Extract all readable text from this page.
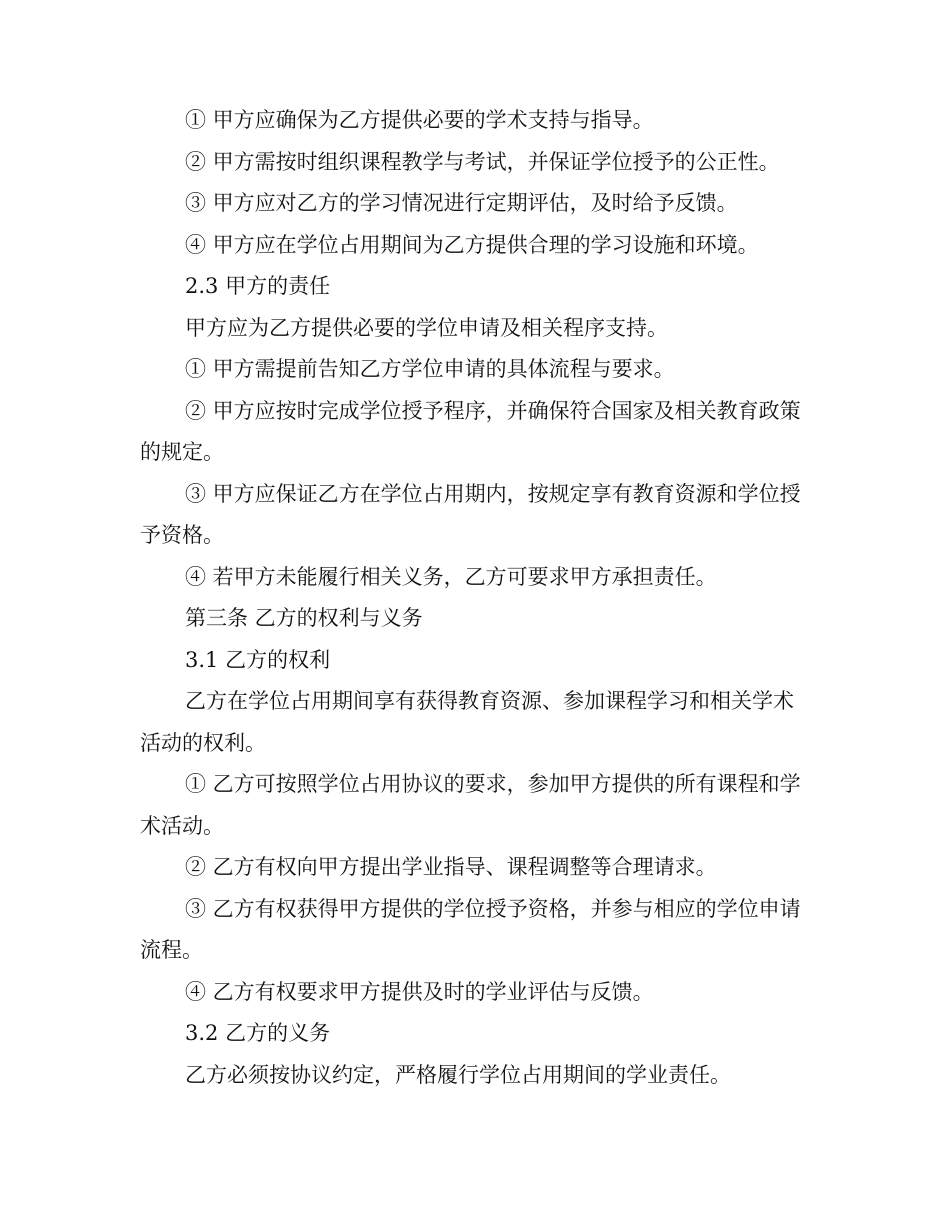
① 甲方应确保为乙方提供必要的学术支持与指导。

② 甲方需按时组织课程教学与考试，并保证学位授予的公正性。

③ 甲方应对乙方的学习情况进行定期评估，及时给予反馈。

④ 甲方应在学位占用期间为乙方提供合理的学习设施和环境。

2.3 甲方的责任

甲方应为乙方提供必要的学位申请及相关程序支持。

① 甲方需提前告知乙方学位申请的具体流程与要求。

② 甲方应按时完成学位授予程序，并确保符合国家及相关教育政策的规定。

③ 甲方应保证乙方在学位占用期内，按规定享有教育资源和学位授予资格。

④ 若甲方未能履行相关义务，乙方可要求甲方承担责任。

第三条 乙方的权利与义务

3.1 乙方的权利

乙方在学位占用期间享有获得教育资源、参加课程学习和相关学术活动的权利。

① 乙方可按照学位占用协议的要求，参加甲方提供的所有课程和学术活动。

② 乙方有权向甲方提出学业指导、课程调整等合理请求。

③ 乙方有权获得甲方提供的学位授予资格，并参与相应的学位申请流程。

④ 乙方有权要求甲方提供及时的学业评估与反馈。

3.2 乙方的义务

乙方必须按协议约定，严格履行学位占用期间的学业责任。
